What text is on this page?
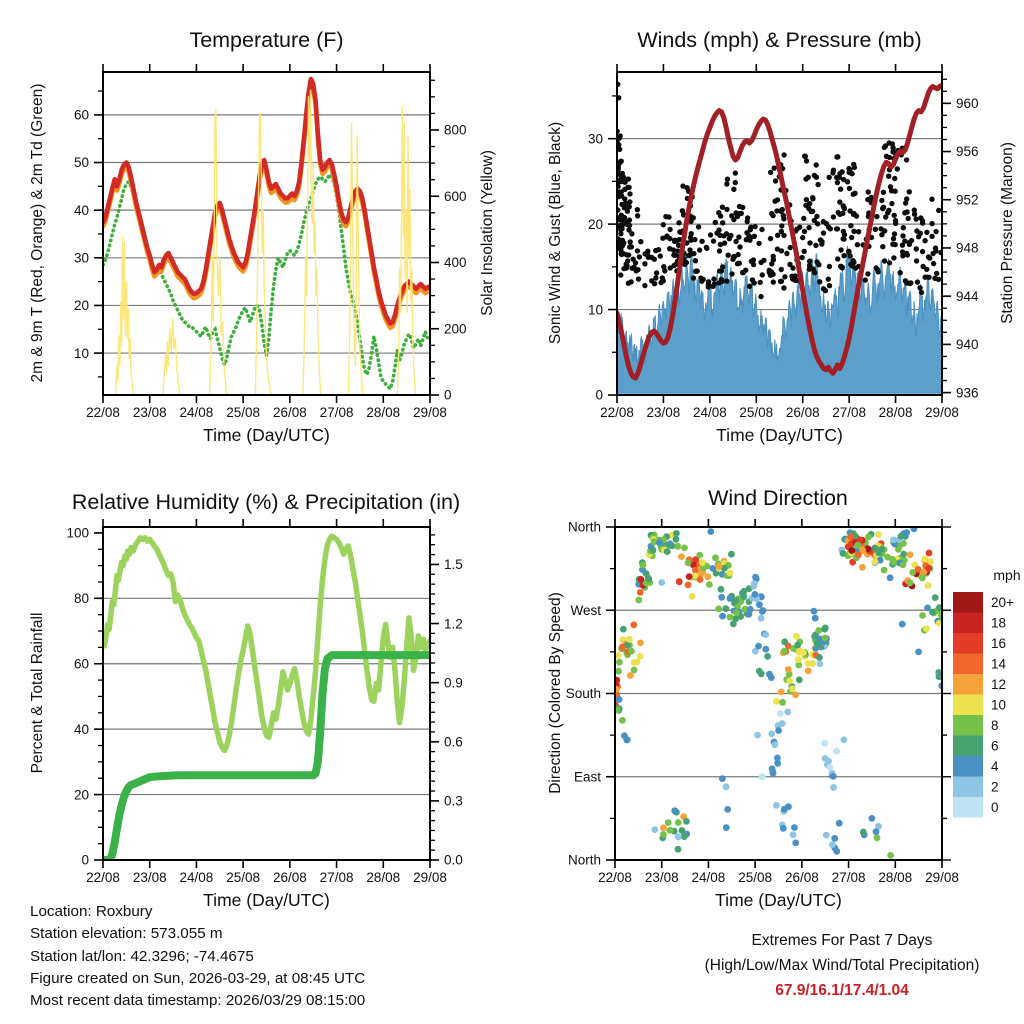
22/08 23/08 24/08 25/08 26/08 27/08 28/08 29/08
10
20
30
40
50
60
0
200
400
600
800
22/08 23/08 24/08 25/08 26/08 27/08 28/08 29/08
0
10
20
30
936
940
944
948
952
956
960
22/08 23/08 24/08 25/08 26/08 27/08 28/08 29/08
0
20
40
60
80
100
0.0
0.3
0.6
0.9
1.2
1.5
22/08 23/08 24/08 25/08 26/08 27/08 28/08 29/08
North
West
South
East
North
20+
18
16
14
12
10
8
6
4
2
0
Temperature (F)	Winds (mph) & Pressure (mb)
Relative Humidity (%) & Precipitation (in)	Wind Direction
Time (Day/UTC)	Time (Day/UTC)
Time (Day/UTC)	Time (Day/UTC)
2m & 9m T (Red, Orange) & 2m Td (Green)	Solar Insolation (Yellow)	Sonic Wind & Gust (Blue, Black)	Station Pressure (Maroon)
Percent & Total Rainfall	Direction (Colored By Speed)
mph
Location: Roxbury
Station elevation: 573.055 m
Station lat/lon: 42.3296; -74.4675
Figure created on Sun, 2026-03-29, at 08:45 UTC
Most recent data timestamp: 2026/03/29 08:15:00
Extremes For Past 7 Days
(High/Low/Max Wind/Total Precipitation)
67.9/16.1/17.4/1.04
